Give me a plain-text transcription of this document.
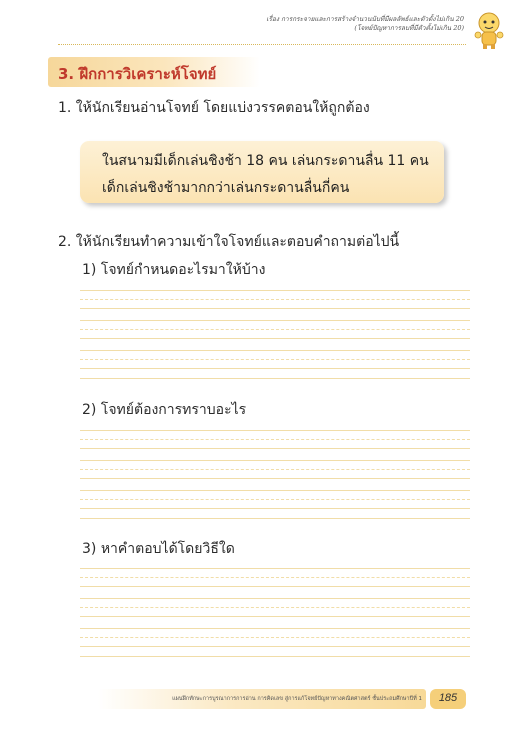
เรื่อง การกระจายและการสร้างจำนวนนับที่มีผลลัพธ์และตัวตั้งไม่เกิน 20
(โจทย์ปัญหาการลบที่มีตัวตั้งไม่เกิน 20)
3. ฝึกการวิเคราะห์โจทย์
1. ให้นักเรียนอ่านโจทย์ โดยแบ่งวรรคตอนให้ถูกต้อง
ในสนามมีเด็กเล่นชิงช้า 18 คน เล่นกระดานลื่น 11 คน
เด็กเล่นชิงช้ามากกว่าเล่นกระดานลื่นกี่คน
2. ให้นักเรียนทำความเข้าใจโจทย์และตอบคำถามต่อไปนี้
1) โจทย์กำหนดอะไรมาให้บ้าง
2) โจทย์ต้องการทราบอะไร
3) หาคำตอบได้โดยวิธีใด
แผนฝึกทักษะการบูรณาการการอ่าน การคิดเลข สู่การแก้โจทย์ปัญหาทางคณิตศาสตร์ ชั้นประถมศึกษาปีที่ 1	185
